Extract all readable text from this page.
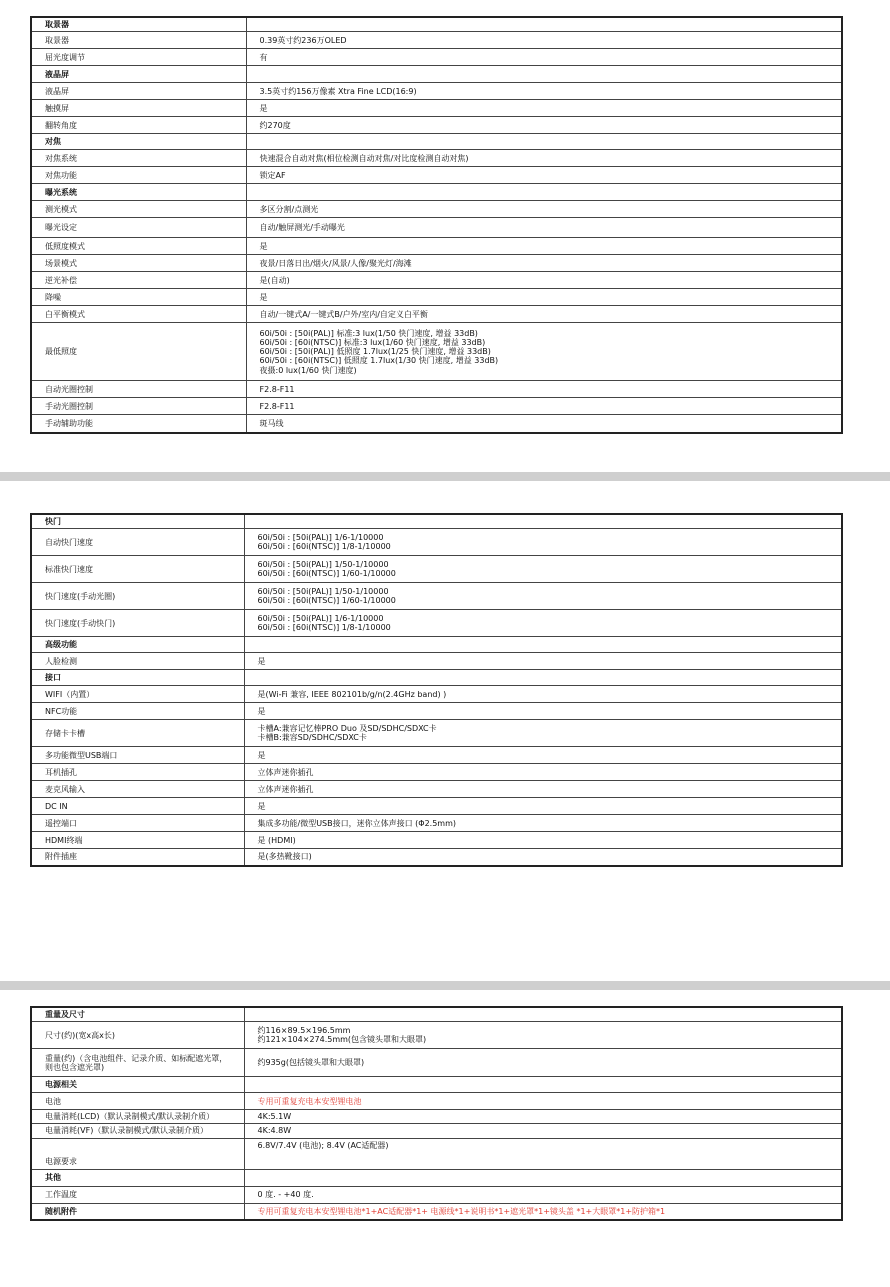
取景器	
取景器	0.39英寸约236万OLED
屈光度调节	有
液晶屏	
液晶屏	3.5英寸约156万像素 Xtra Fine LCD(16:9)
触摸屏	是
翻转角度	约270度
对焦	
对焦系统	快速混合自动对焦(相位检测自动对焦/对比度检测自动对焦)
对焦功能	锁定AF
曝光系统	
测光模式	多区分割/点测光
曝光设定	自动/触屏测光/手动曝光
低照度模式	是
场景模式	夜景/日落日出/烟火/风景/人像/聚光灯/海滩
逆光补偿	是(自动)
降噪	是
白平衡模式	自动/一键式A/一键式B/户外/室内/自定义白平衡
最低照度	60i/50i : [50i(PAL)] 标准:3 lux(1/50 快门速度, 增益 33dB)
60i/50i : [60i(NTSC)] 标准:3 lux(1/60 快门速度, 增益 33dB)
60i/50i : [50i(PAL)] 低照度 1.7lux(1/25 快门速度, 增益 33dB)
60i/50i : [60i(NTSC)] 低照度 1.7lux(1/30 快门速度, 增益 33dB)
夜摄:0 lux(1/60 快门速度)
自动光圈控制	F2.8-F11
手动光圈控制	F2.8-F11
手动辅助功能	斑马线
快门	
自动快门速度	60i/50i : [50i(PAL)] 1/6-1/10000
60i/50i : [60i(NTSC)] 1/8-1/10000
标准快门速度	60i/50i : [50i(PAL)] 1/50-1/10000
60i/50i : [60i(NTSC)] 1/60-1/10000
快门速度(手动光圈)	60i/50i : [50i(PAL)] 1/50-1/10000
60i/50i : [60i(NTSC)] 1/60-1/10000
快门速度(手动快门)	60i/50i : [50i(PAL)] 1/6-1/10000
60i/50i : [60i(NTSC)] 1/8-1/10000
高级功能	
人脸检测	是
接口	
WIFI（内置）	是(Wi-Fi 兼容, IEEE 802101b/g/n(2.4GHz band) )
NFC功能	是
存储卡卡槽	卡槽A:兼容记忆棒PRO Duo 及SD/SDHC/SDXC卡
卡槽B:兼容SD/SDHC/SDXC卡
多功能微型USB端口	是
耳机插孔	立体声迷你插孔
麦克风输入	立体声迷你插孔
DC IN	是
遥控端口	集成多功能/微型USB接口，迷你立体声接口 (Φ2.5mm)
HDMI终端	是 (HDMI)
附件插座	是(多热靴接口)
重量及尺寸	
尺寸(约)(宽x高x长)	约116×89.5×196.5mm
约121×104×274.5mm(包含镜头罩和大眼罩)
重量(约)（含电池组件、记录介质、如标配遮光罩，则也包含遮光罩)	约935g(包括镜头罩和大眼罩)
电源相关	
电池	专用可重复充电本安型锂电池
电量消耗(LCD)（默认录制模式/默认录制介质）	4K:5.1W
电量消耗(VF)（默认录制模式/默认录制介质）	4K:4.8W
电源要求	6.8V/7.4V (电池); 8.4V (AC适配器)
其他	
工作温度	0 度. - +40 度.
随机附件	专用可重复充电本安型锂电池*1+AC适配器*1+ 电源线*1+说明书*1+遮光罩*1+镜头盖 *1+大眼罩*1+防护箱*1
